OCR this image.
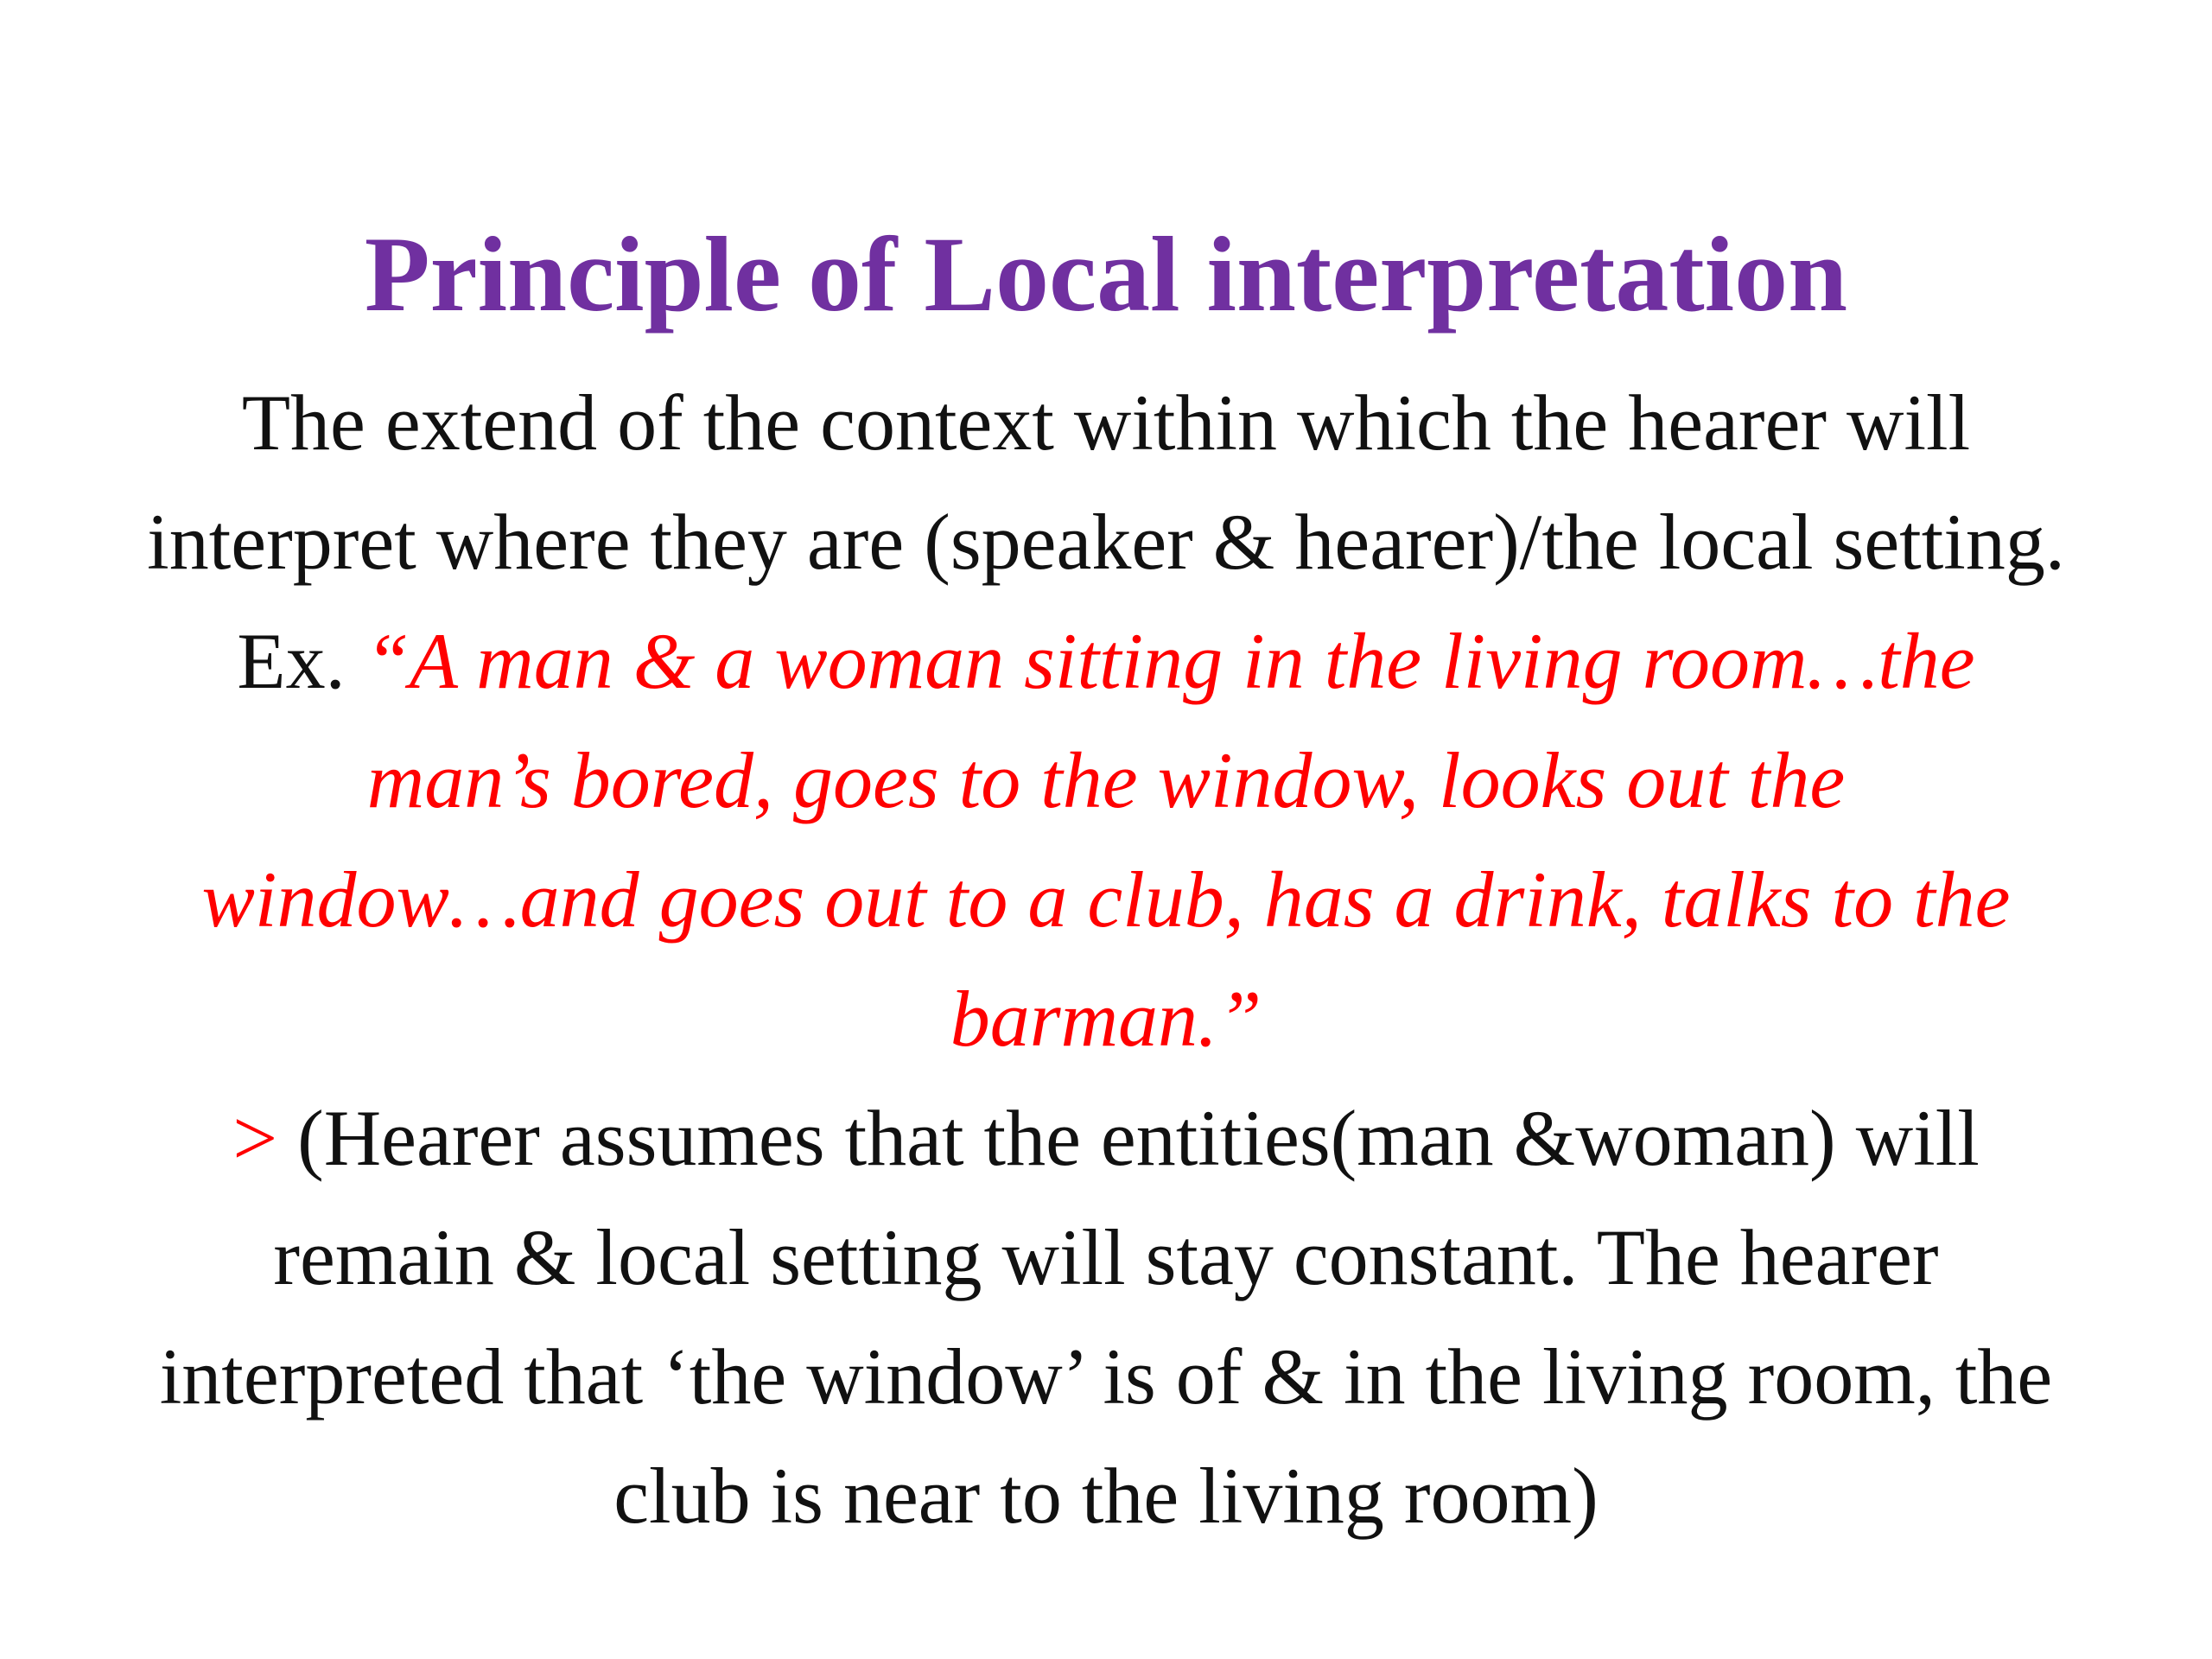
Principle of Local interpretation
The extend of the context within which the hearer will
interpret where they are (speaker & hearer)/the local setting.
Ex. “A man & a woman sitting in the living room…the
man’s bored, goes to the window, looks out the
window…and goes out to a club, has a drink, talks to the
barman.”
> (Hearer assumes that the entities(man &woman) will
remain & local setting will stay constant. The hearer
interpreted that ‘the window’ is of & in the living room, the
club is near to the living room)
